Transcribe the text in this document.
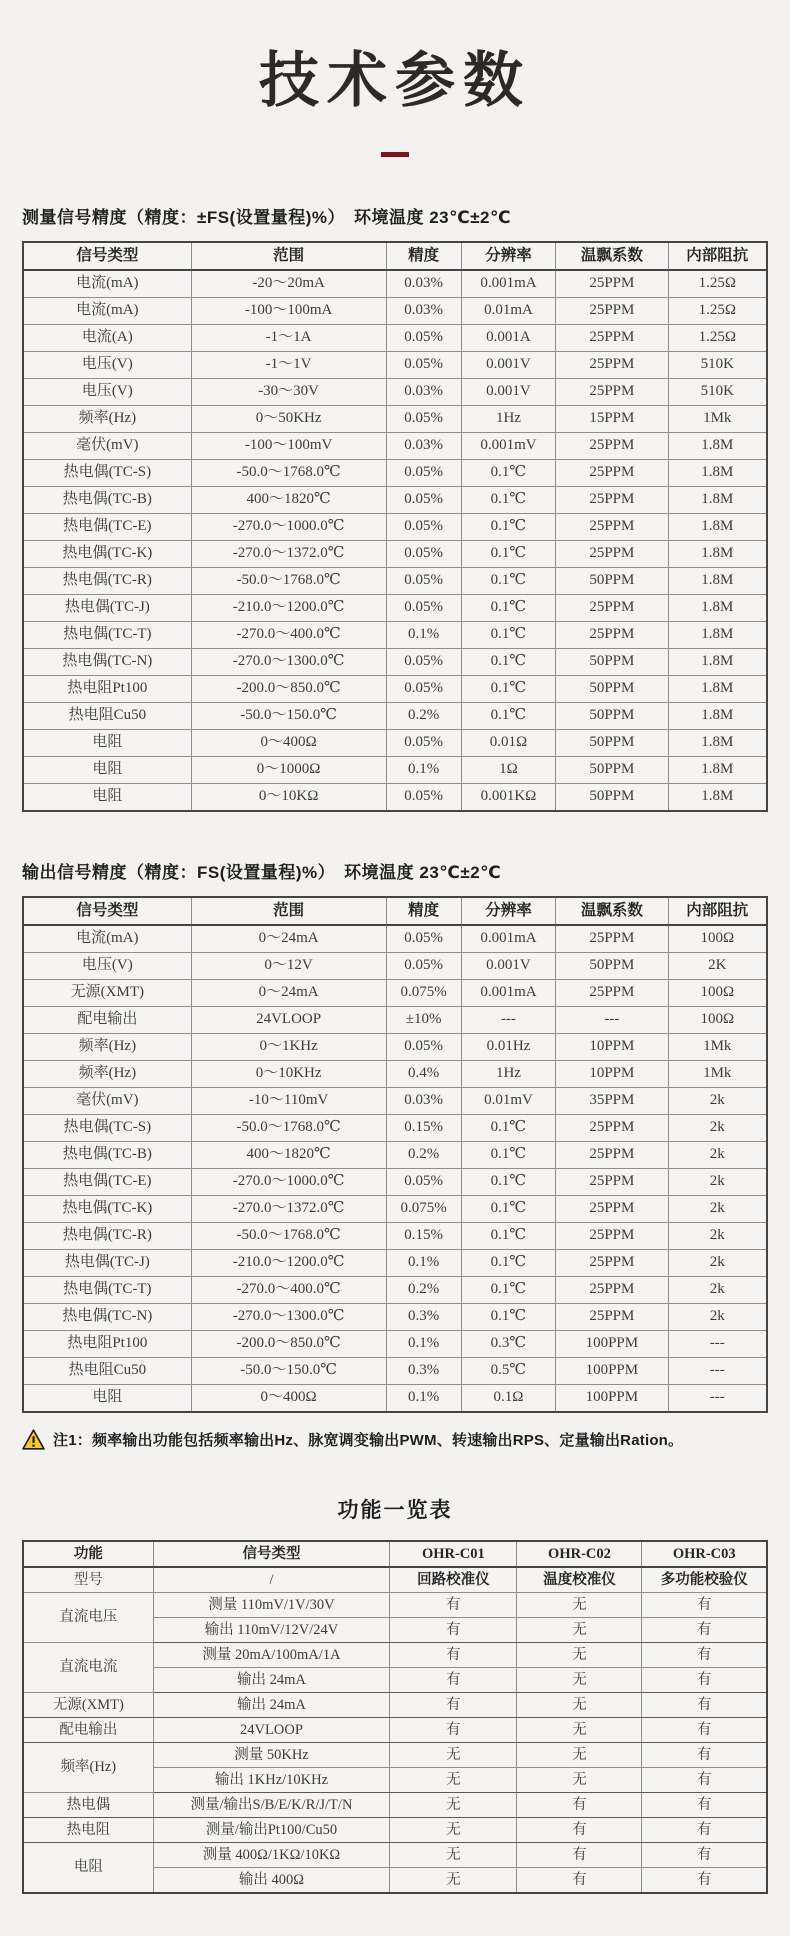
技术参数
测量信号精度（精度：±FS(设置量程)%）　环境温度 23℃±2℃
信号类型	范围	精度	分辨率	温飘系数	内部阻抗
电流(mA)	-20～20mA	0.03%	0.001mA	25PPM	1.25Ω
电流(mA)	-100～100mA	0.03%	0.01mA	25PPM	1.25Ω
电流(A)	-1～1A	0.05%	0.001A	25PPM	1.25Ω
电压(V)	-1～1V	0.05%	0.001V	25PPM	510K
电压(V)	-30～30V	0.03%	0.001V	25PPM	510K
频率(Hz)	0～50KHz	0.05%	1Hz	15PPM	1Mk
毫伏(mV)	-100～100mV	0.03%	0.001mV	25PPM	1.8M
热电偶(TC-S)	-50.0～1768.0℃	0.05%	0.1℃	25PPM	1.8M
热电偶(TC-B)	400～1820℃	0.05%	0.1℃	25PPM	1.8M
热电偶(TC-E)	-270.0～1000.0℃	0.05%	0.1℃	25PPM	1.8M
热电偶(TC-K)	-270.0～1372.0℃	0.05%	0.1℃	25PPM	1.8M
热电偶(TC-R)	-50.0～1768.0℃	0.05%	0.1℃	50PPM	1.8M
热电偶(TC-J)	-210.0～1200.0℃	0.05%	0.1℃	25PPM	1.8M
热电偶(TC-T)	-270.0～400.0℃	0.1%	0.1℃	25PPM	1.8M
热电偶(TC-N)	-270.0～1300.0℃	0.05%	0.1℃	50PPM	1.8M
热电阻Pt100	-200.0～850.0℃	0.05%	0.1℃	50PPM	1.8M
热电阻Cu50	-50.0～150.0℃	0.2%	0.1℃	50PPM	1.8M
电阻	0～400Ω	0.05%	0.01Ω	50PPM	1.8M
电阻	0～1000Ω	0.1%	1Ω	50PPM	1.8M
电阻	0～10KΩ	0.05%	0.001KΩ	50PPM	1.8M
输出信号精度（精度：FS(设置量程)%）　环境温度 23℃±2℃
信号类型	范围	精度	分辨率	温飘系数	内部阻抗
电流(mA)	0～24mA	0.05%	0.001mA	25PPM	100Ω
电压(V)	0～12V	0.05%	0.001V	50PPM	2K
无源(XMT)	0～24mA	0.075%	0.001mA	25PPM	100Ω
配电输出	24VLOOP	±10%	---	---	100Ω
频率(Hz)	0～1KHz	0.05%	0.01Hz	10PPM	1Mk
频率(Hz)	0～10KHz	0.4%	1Hz	10PPM	1Mk
毫伏(mV)	-10～110mV	0.03%	0.01mV	35PPM	2k
热电偶(TC-S)	-50.0～1768.0℃	0.15%	0.1℃	25PPM	2k
热电偶(TC-B)	400～1820℃	0.2%	0.1℃	25PPM	2k
热电偶(TC-E)	-270.0～1000.0℃	0.05%	0.1℃	25PPM	2k
热电偶(TC-K)	-270.0～1372.0℃	0.075%	0.1℃	25PPM	2k
热电偶(TC-R)	-50.0～1768.0℃	0.15%	0.1℃	25PPM	2k
热电偶(TC-J)	-210.0～1200.0℃	0.1%	0.1℃	25PPM	2k
热电偶(TC-T)	-270.0～400.0℃	0.2%	0.1℃	25PPM	2k
热电偶(TC-N)	-270.0～1300.0℃	0.3%	0.1℃	25PPM	2k
热电阻Pt100	-200.0～850.0℃	0.1%	0.3℃	100PPM	---
热电阻Cu50	-50.0～150.0℃	0.3%	0.5℃	100PPM	---
电阻	0～400Ω	0.1%	0.1Ω	100PPM	---
注1：频率输出功能包括频率输出Hz、脉宽调变输出PWM、转速输出RPS、定量输出Ration。
功能一览表
功能	信号类型	OHR-C01	OHR-C02	OHR-C03
型号	/	回路校准仪	温度校准仪	多功能校验仪
直流电压	测量 110mV/1V/30V	有	无	有
	输出 110mV/12V/24V	有	无	有
直流电流	测量 20mA/100mA/1A	有	无	有
	输出 24mA	有	无	有
无源(XMT)	输出 24mA	有	无	有
配电输出	24VLOOP	有	无	有
频率(Hz)	测量 50KHz	无	无	有
	输出 1KHz/10KHz	无	无	有
热电偶	测量/输出S/B/E/K/R/J/T/N	无	有	有
热电阻	测量/输出Pt100/Cu50	无	有	有
电阻	测量 400Ω/1KΩ/10KΩ	无	有	有
	输出 400Ω	无	有	有
